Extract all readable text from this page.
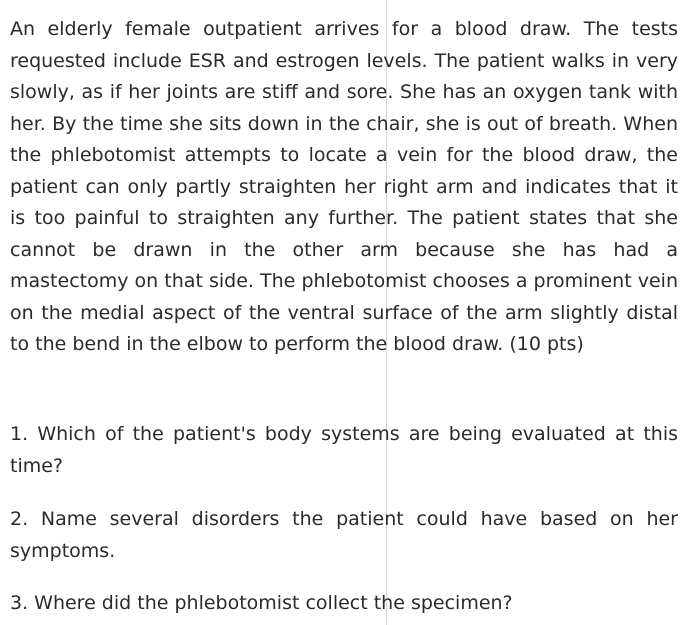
An elderly female outpatient arrives for a blood draw. The tests requested include ESR and estrogen levels. The patient walks in very slowly, as if her joints are stiff and sore. She has an oxygen tank with her. By the time she sits down in the chair, she is out of breath. When the phlebotomist attempts to locate a vein for the blood draw, the patient can only partly straighten her right arm and indicates that it is too painful to straighten any further. The patient states that she cannot be drawn in the other arm because she has had a mastectomy on that side. The phlebotomist chooses a prominent vein on the medial aspect of the ventral surface of the arm slightly distal to the bend in the elbow to perform the blood draw. (10 pts)

1. Which of the patient's body systems are being evaluated at this time?

2. Name several disorders the patient could have based on her symptoms.

3. Where did the phlebotomist collect the specimen?
